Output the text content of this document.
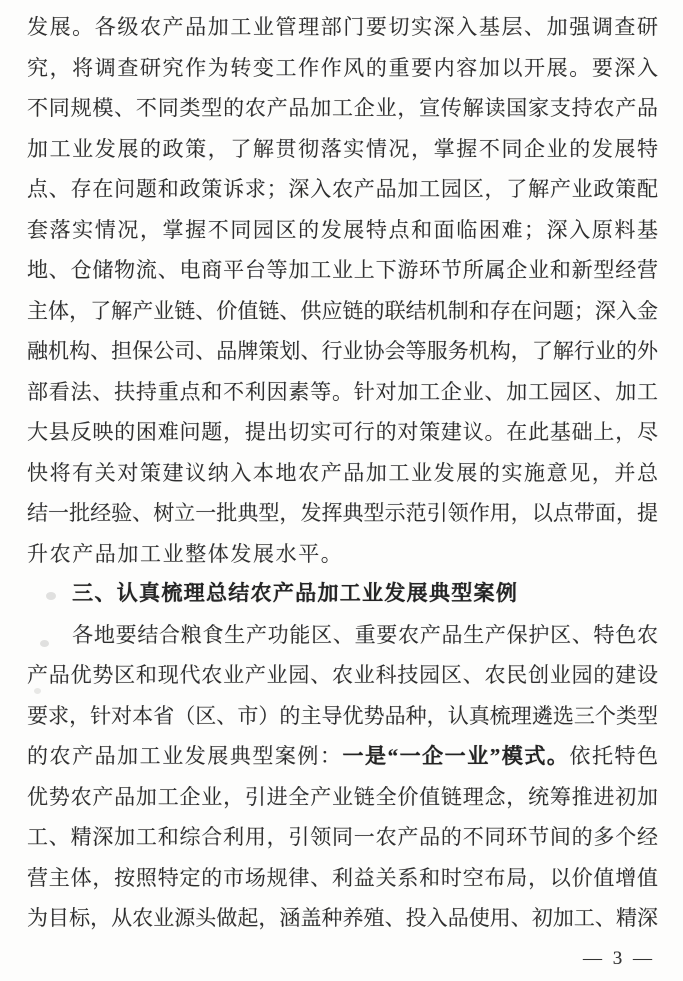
发展。各级农产品加工业管理部门要切实深入基层、加强调查研
究，将调查研究作为转变工作作风的重要内容加以开展。要深入
不同规模、不同类型的农产品加工企业，宣传解读国家支持农产品
加工业发展的政策，了解贯彻落实情况，掌握不同企业的发展特
点、存在问题和政策诉求；深入农产品加工园区，了解产业政策配
套落实情况，掌握不同园区的发展特点和面临困难；深入原料基
地、仓储物流、电商平台等加工业上下游环节所属企业和新型经营
主体，了解产业链、价值链、供应链的联结机制和存在问题；深入金
融机构、担保公司、品牌策划、行业协会等服务机构，了解行业的外
部看法、扶持重点和不利因素等。针对加工企业、加工园区、加工
大县反映的困难问题，提出切实可行的对策建议。在此基础上，尽
快将有关对策建议纳入本地农产品加工业发展的实施意见，并总
结一批经验、树立一批典型，发挥典型示范引领作用，以点带面，提
升农产品加工业整体发展水平。
三、认真梳理总结农产品加工业发展典型案例
各地要结合粮食生产功能区、重要农产品生产保护区、特色农
产品优势区和现代农业产业园、农业科技园区、农民创业园的建设
要求，针对本省（区、市）的主导优势品种，认真梳理遴选三个类型
的农产品加工业发展典型案例：一是“一企一业”模式。依托特色
优势农产品加工企业，引进全产业链全价值链理念，统筹推进初加
工、精深加工和综合利用，引领同一农产品的不同环节间的多个经
营主体，按照特定的市场规律、利益关系和时空布局，以价值增值
为目标，从农业源头做起，涵盖种养殖、投入品使用、初加工、精深
— 3 —
